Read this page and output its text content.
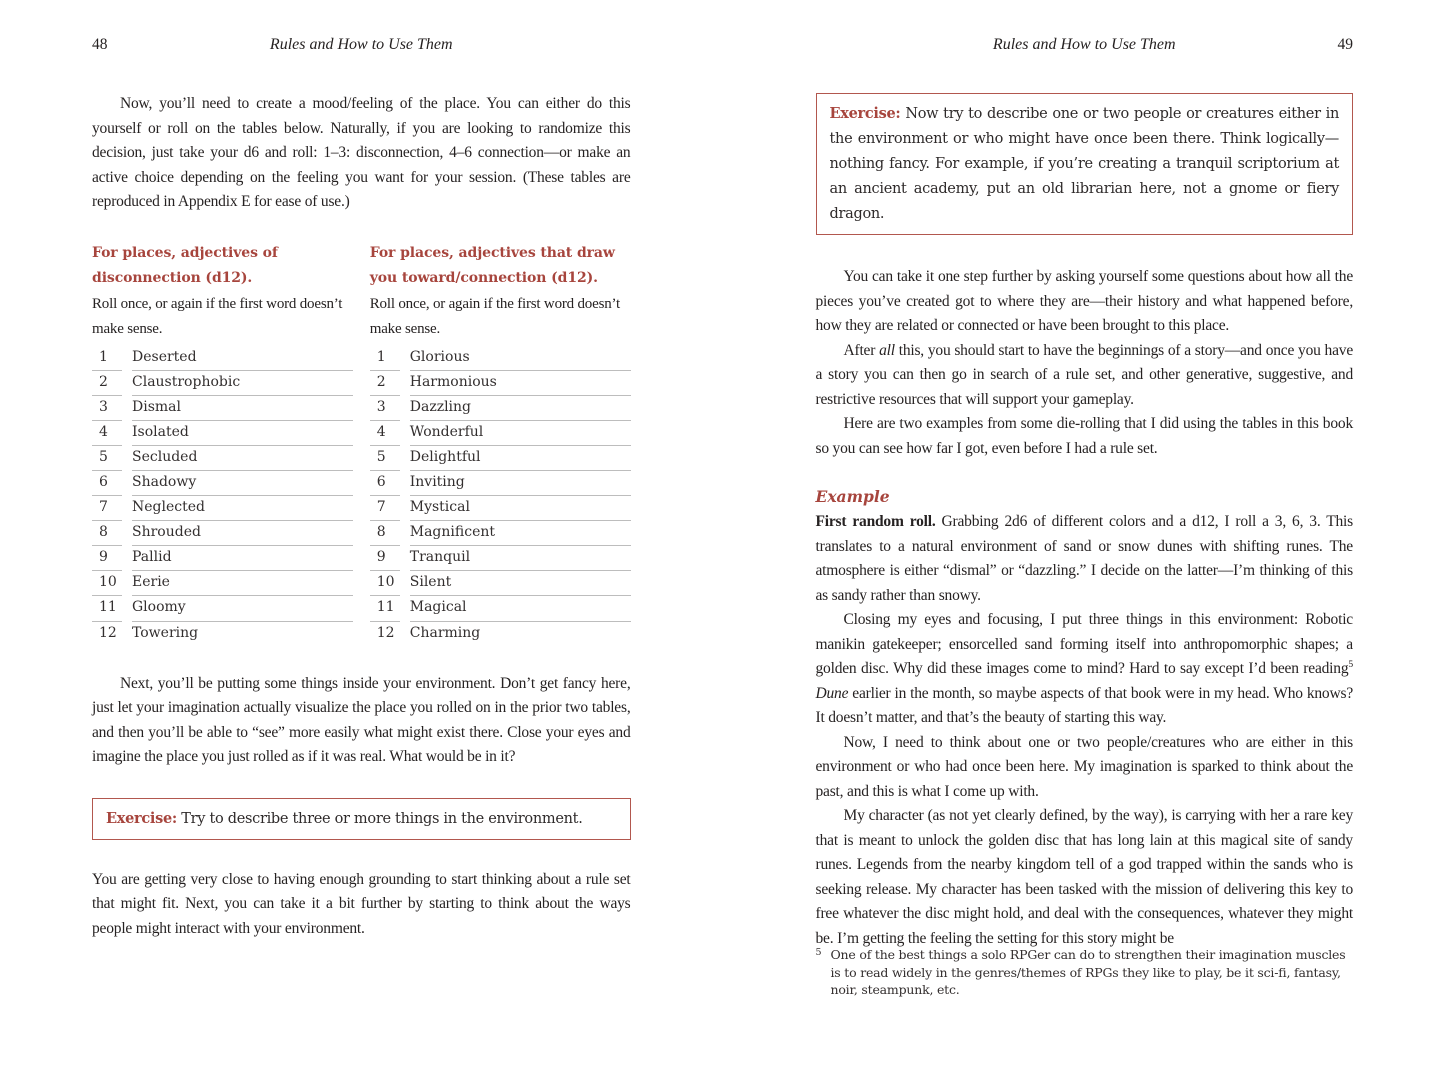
48	Rules and How to Use Them
Now, you’ll need to create a mood/feeling of the place. You can either do this yourself or roll on the tables below. Naturally, if you are looking to randomize this decision, just take your d6 and roll: 1–3: disconnection, 4–6 connection—or make an active choice depending on the feeling you want for your session. (These tables are reproduced in Appendix E for ease of use.)
For places, adjectives of disconnection (d12).
Roll once, or again if the first word doesn’t make sense.
1	Deserted
2	Claustrophobic
3	Dismal
4	Isolated
5	Secluded
6	Shadowy
7	Neglected
8	Shrouded
9	Pallid
10	Eerie
11	Gloomy
12	Towering
For places, adjectives that draw you toward/connection (d12).
Roll once, or again if the first word doesn’t make sense.
1	Glorious
2	Harmonious
3	Dazzling
4	Wonderful
5	Delightful
6	Inviting
7	Mystical
8	Magnificent
9	Tranquil
10	Silent
11	Magical
12	Charming
Next, you’ll be putting some things inside your environment. Don’t get fancy here, just let your imagination actually visualize the place you rolled on in the prior two tables, and then you’ll be able to “see” more easily what might exist there. Close your eyes and imagine the place you just rolled as if it was real. What would be in it?
Exercise: Try to describe three or more things in the environment.
You are getting very close to having enough grounding to start thinking about a rule set that might fit. Next, you can take it a bit further by starting to think about the ways people might interact with your environment.
49
Rules and How to Use Them
Exercise: Now try to describe one or two people or creatures either in the environment or who might have once been there. Think logically—nothing fancy. For example, if you’re creating a tranquil scriptorium at an ancient academy, put an old librarian here, not a gnome or fiery dragon.
You can take it one step further by asking yourself some questions about how all the pieces you’ve created got to where they are—their history and what happened before, how they are related or connected or have been brought to this place.
After all this, you should start to have the beginnings of a story—and once you have a story you can then go in search of a rule set, and other generative, suggestive, and restrictive resources that will support your gameplay.
Here are two examples from some die-rolling that I did using the tables in this book so you can see how far I got, even before I had a rule set.
Example
First random roll. Grabbing 2d6 of different colors and a d12, I roll a 3, 6, 3. This translates to a natural environment of sand or snow dunes with shifting runes. The atmosphere is either “dismal” or “dazzling.” I decide on the latter—I’m thinking of this as sandy rather than snowy.
Closing my eyes and focusing, I put three things in this environment: Robotic manikin gatekeeper; ensorcelled sand forming itself into anthropomorphic shapes; a golden disc. Why did these images come to mind? Hard to say except I’d been reading$^5$ Dune earlier in the month, so maybe aspects of that book were in my head. Who knows? It doesn’t matter, and that’s the beauty of starting this way.
Now, I need to think about one or two people/creatures who are either in this environment or who had once been here. My imagination is sparked to think about the past, and this is what I come up with.
My character (as not yet clearly defined, by the way), is carrying with her a rare key that is meant to unlock the golden disc that has long lain at this magical site of sandy runes. Legends from the nearby kingdom tell of a god trapped within the sands who is seeking release. My character has been tasked with the mission of delivering this key to free whatever the disc might hold, and deal with the consequences, whatever they might be. I’m getting the feeling the setting for this story might be
5 One of the best things a solo RPGer can do to strengthen their imagination muscles is to read widely in the genres/themes of RPGs they like to play, be it sci-fi, fantasy, noir, steampunk, etc.
